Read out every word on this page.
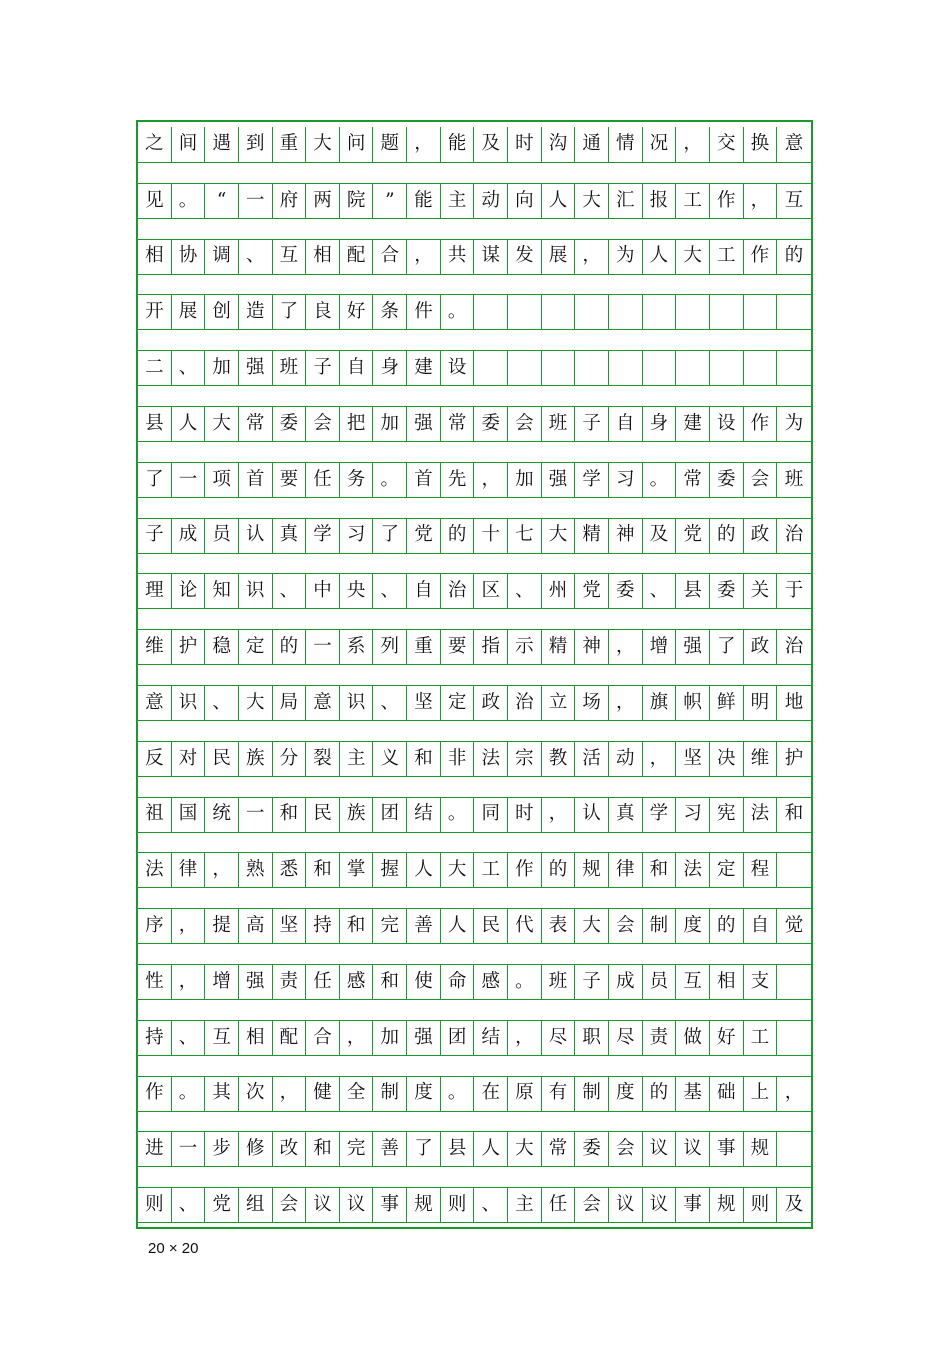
之 间 遇 到 重 大 问 题 ， 能 及 时 沟 通 情 况 ， 交 换 意
见 。	“	一 府 两 院	”	能 主 动 向 人 大 汇 报 工 作 ， 互
相 协 调 、 互 相 配 合 ， 共 谋 发 展 ， 为 人 大 工 作 的
开 展 创 造 了 良 好 条 件 。
二 、 加 强 班 子 自 身 建 设
县 人 大 常 委 会 把 加 强 常 委 会 班 子 自 身 建 设 作 为
了 一 项 首 要 任 务 。 首 先 ， 加 强 学 习 。 常 委 会 班
子 成 员 认 真 学 习 了 党 的 十 七 大 精 神 及 党 的 政 治
理 论 知 识 、 中 央 、 自 治 区 、 州 党 委 、 县 委 关 于
维 护 稳 定 的 一 系 列 重 要 指 示 精 神 ， 增 强 了 政 治
意 识 、 大 局 意 识 、 坚 定 政 治 立 场 ， 旗 帜 鲜 明 地
反 对 民 族 分 裂 主 义 和 非 法 宗 教 活 动 ， 坚 决 维 护
祖 国 统 一 和 民 族 团 结 。 同 时 ， 认 真 学 习 宪 法 和
法 律 ， 熟 悉 和 掌 握 人 大 工 作 的 规 律 和 法 定 程
序 ， 提 高 坚 持 和 完 善 人 民 代 表 大 会 制 度 的 自 觉
性 ， 增 强 责 任 感 和 使 命 感 。 班 子 成 员 互 相 支
持 、 互 相 配 合 ， 加 强 团 结 ， 尽 职 尽 责 做 好 工
作 。 其 次 ， 健 全 制 度 。 在 原 有 制 度 的 基 础 上 ，
进 一 步 修 改 和 完 善 了 县 人 大 常 委 会 议 议 事 规
则 、 党 组 会 议 议 事 规 则 、 主 任 会 议 议 事 规 则 及
20 × 20
